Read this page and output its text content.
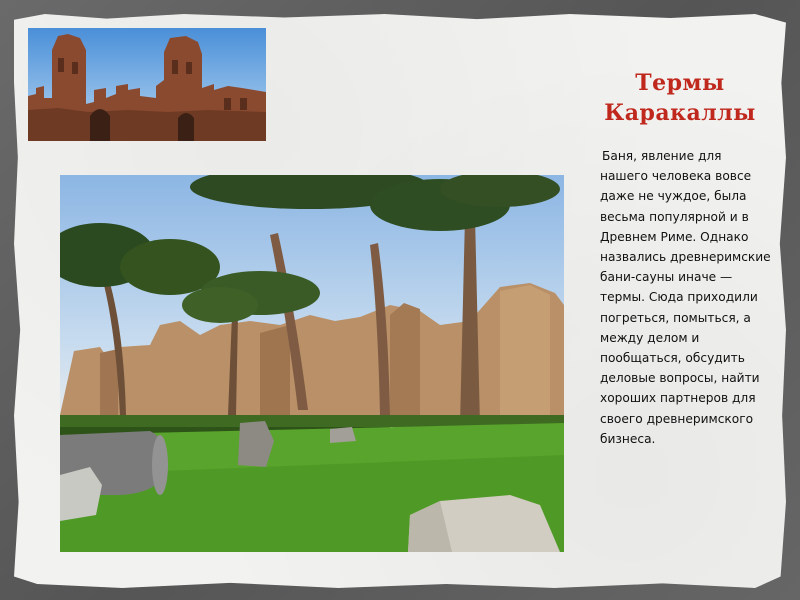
Термы
Каракаллы
Баня, явление для нашего человека вовсе даже не чуждое, была весьма популярной и в Древнем Риме. Однако назвались древнеримские бани-сауны иначе — термы. Сюда приходили погреться, помыться, а между делом и пообщаться, обсудить деловые вопросы, найти хороших партнеров для своего древнеримского бизнеса.
